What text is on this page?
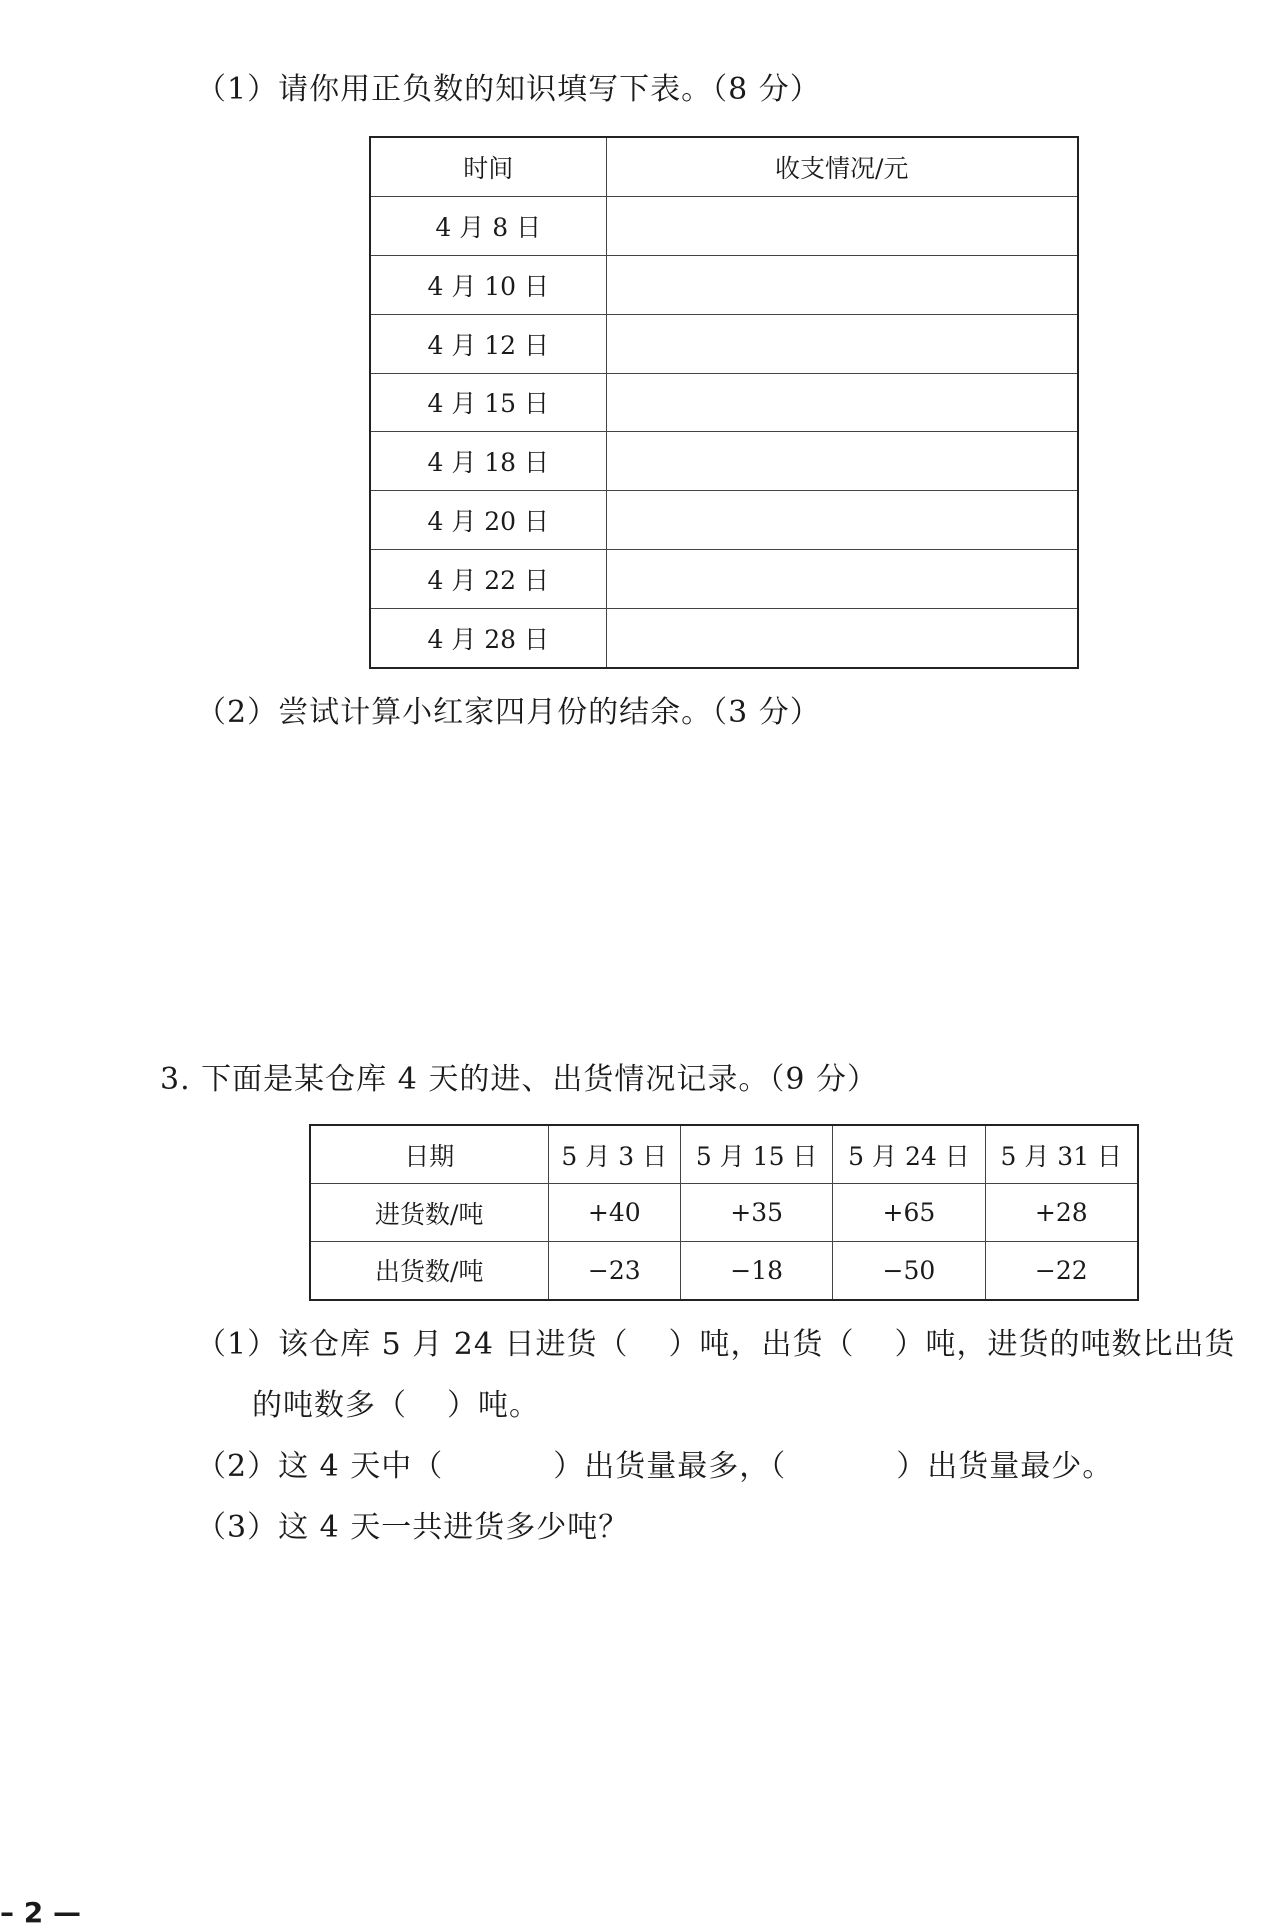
（1）请你用正负数的知识填写下表。（8 分）
时间	收支情况/元
4 月 8 日	
4 月 10 日	
4 月 12 日	
4 月 15 日	
4 月 18 日	
4 月 20 日	
4 月 22 日	
4 月 28 日	
（2）尝试计算小红家四月份的结余。（3 分）
3. 下面是某仓库 4 天的进、出货情况记录。（9 分）
日期	5 月 3 日	5 月 15 日	5 月 24 日	5 月 31 日
进货数/吨	+40	+35	+65	+28
出货数/吨	−23	−18	−50	−22
（1）该仓库 5 月 24 日进货（ ）吨，出货（ ）吨，进货的吨数比出货
的吨数多（ ）吨。
（2）这 4 天中（	）出货量最多，（	）出货量最少。
（3）这 4 天一共进货多少吨？
– 2 —
